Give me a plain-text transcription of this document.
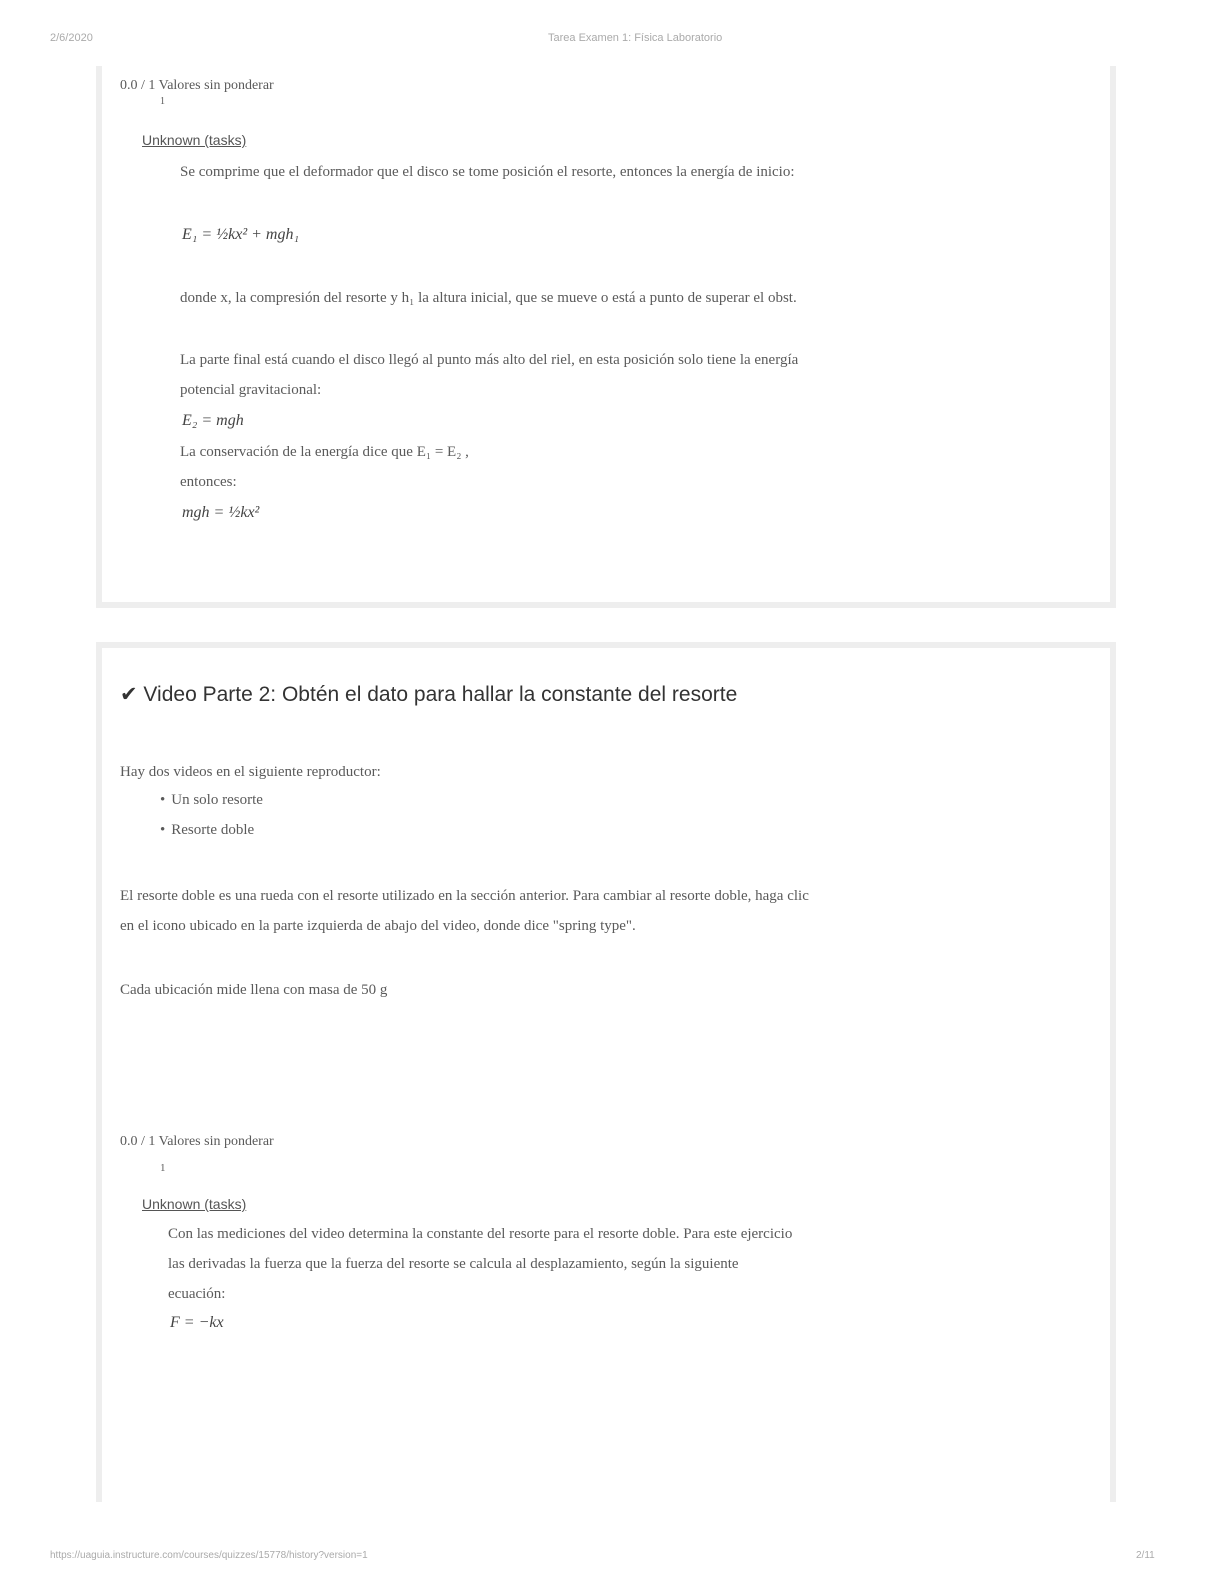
2/6/2020	Tarea Examen 1: Física Laboratorio
0.0 / 1 Valores sin ponderar
1
Unknown (tasks)
Se comprime que el deformador que el disco se tome posición el resorte, entonces la energía de inicio:
E₁ = ½kx² + mgh₁
donde x, la compresión del resorte y h₁ la altura inicial, que se mueve o está a punto de superar el obst.
La parte final está cuando el disco llegó al punto más alto del riel, en esta posición solo tiene la energía
potencial gravitacional:
E₂ = mgh
La conservación de la energía dice que E₁ = E₂ ,
entonces:
mgh = ½kx²
✔ Video Parte 2: Obtén el dato para hallar la constante del resorte
Hay dos videos en el siguiente reproductor:
• Un solo resorte
• Resorte doble
El resorte doble es una rueda con el resorte utilizado en la sección anterior. Para cambiar al resorte doble, haga clic
en el icono ubicado en la parte izquierda de abajo del video, donde dice "spring type".
Cada ubicación mide llena con masa de 50 g
0.0 / 1 Valores sin ponderar
1
Unknown (tasks)
Con las mediciones del video determina la constante del resorte para el resorte doble. Para este ejercicio
las derivadas la fuerza que la fuerza del resorte se calcula al desplazamiento, según la siguiente
ecuación:
F = −kx
https://uaguia.instructure.com/courses/quizzes/15778/history?version=1	2/11
